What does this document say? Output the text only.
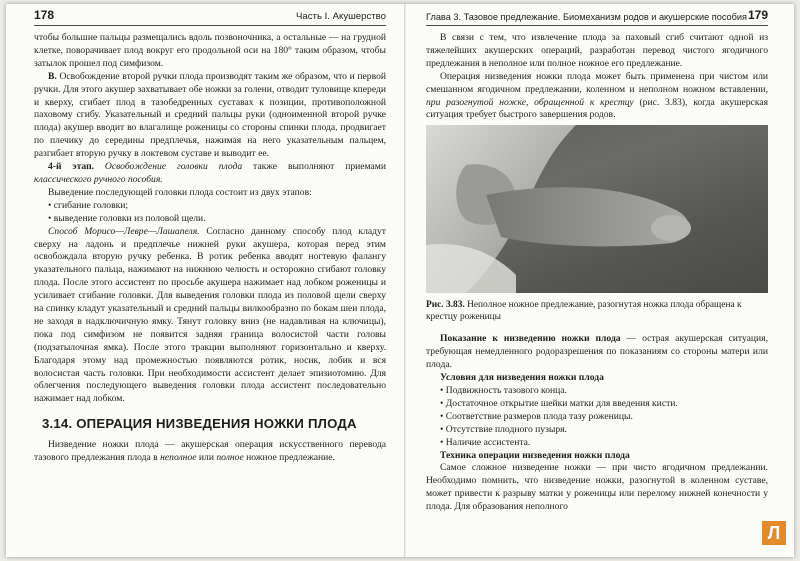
178	Часть I. Акушерство

чтобы большие пальцы размещались вдоль позвоночника, а остальные — на грудной клетке, поворачивает плод вокруг его продольной оси на 180° таким образом, чтобы затылок прошел под симфизом.

В. Освобождение второй ручки плода производят таким же образом, что и первой ручки. Для этого акушер захватывает обе ножки за голени, отводит туловище кпереди и кверху, сгибает плод в тазобедренных суставах к позиции, противоположной паховому сгибу. Указательный и средний пальцы руки (одноименной второй ручке плода) акушер вводит во влагалище роженицы со стороны спинки плода, продвигает по плечику до середины предплечья, нажимая на него указательным пальцем, разгибает вторую ручку в локтевом суставе и выводит ее.

4-й этап. Освобождение головки плода также выполняют приемами классического ручного пособия.

Выведение последующей головки плода состоит из двух этапов:

• сгибание головки;
• выведение головки из половой щели.

Способ Морисо—Левре—Лашапеля. Согласно данному способу плод кладут сверху на ладонь и предплечье нижней руки акушера, которая перед этим освобождала вторую ручку ребенка. В ротик ребенка вводят ногтевую фалангу указательного пальца, нажимают на нижнюю челюсть и осторожно сгибают головку плода. После этого ассистент по просьбе акушера нажимает над лобком роженицы и усиливает сгибание головки. Для выведения головки плода из половой щели сверху на спинку кладут указательный и средний пальцы вилкообразно по бокам шеи плода, не заходя в надключичную ямку. Тянут головку вниз (не надавливая на ключицы), пока под симфизом не появится задняя граница волосистой части головы (подзатылочная ямка). После этого тракции выполняют горизонтально и кверху. Благодаря этому над промежностью появляются ротик, носик, лобик и вся волосистая часть головки. При необходимости ассистент делает эпизиотомию. Для облегчения последующего выведения головки плода ассистент последовательно нажимает над лобком.

3.14. ОПЕРАЦИЯ НИЗВЕДЕНИЯ НОЖКИ ПЛОДА

Низведение ножки плода — акушерская операция искусственного перевода тазового предлежания плода в неполное или полное ножное предлежание.

Глава 3. Тазовое предлежание. Биомеханизм родов и акушерские пособия 179

В связи с тем, что извлечение плода за паховый сгиб считают одной из тяжелейших акушерских операций, разработан перевод чистого ягодичного предлежания в неполное или полное ножное его предлежание.

Операция низведения ножки плода может быть применена при чистом или смешанном ягодичном предлежании, коленном и неполном ножном вставлении, при разогнутой ножке, обращенной к крестцу (рис. 3.83), когда акушерская ситуация требует быстрого завершения родов.

Рис. 3.83. Неполное ножное предлежание, разогнутая ножка плода обращена к крестцу роженицы

Показание к низведению ножки плода — острая акушерская ситуация, требующая немедленного родоразрешения по показаниям со стороны матери или плода.

Условия для низведения ножки плода
• Подвижность тазового конца.
• Достаточное открытие шейки матки для введения кисти.
• Соответствие размеров плода тазу роженицы.
• Отсутствие плодного пузыря.
• Наличие ассистента.
Техника операции низведения ножки плода

Самое сложное низведение ножки — при чисто ягодичном предлежании. Необходимо помнить, что низведение ножки, разогнутой в коленном суставе, может привести к разрыву матки у роженицы или перелому нижней конечности у плода. Для образования неполного

Л
